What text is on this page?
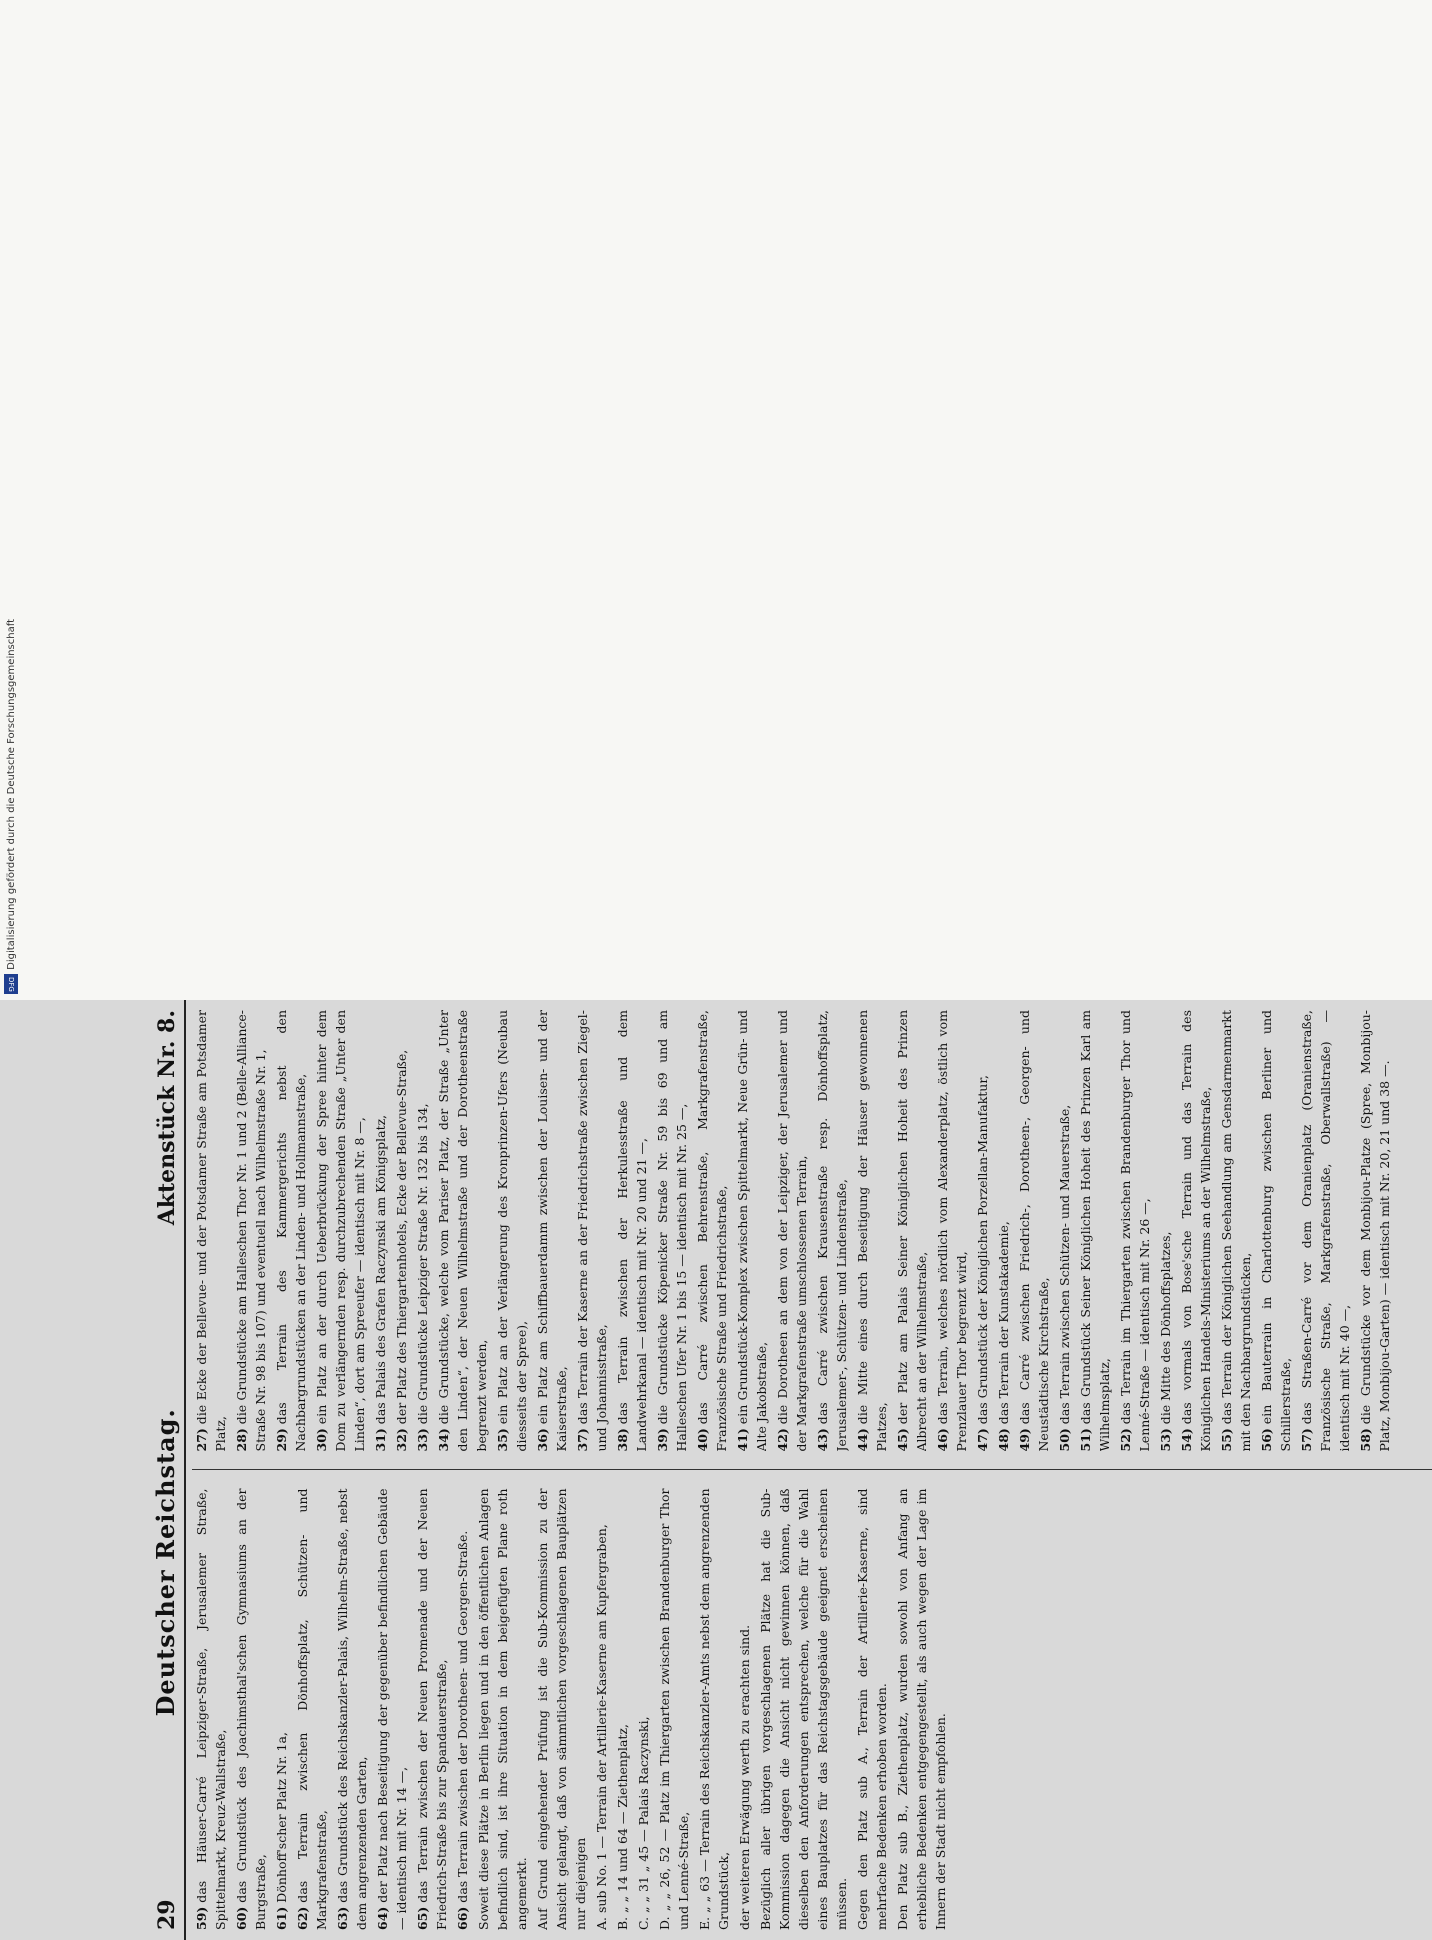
Digitalisierung gefördert durch die Deutsche Forschungsgemeinschaft
DFG
29
Deutscher Reichstag.
Aktenstück Nr. 8.

59)das Häuser-Carré Leipziger-Straße, Jerusalemer Straße, Spittelmarkt, Kreuz-Wallstraße, 60)das Grundstück des Joachimsthal'schen Gymnasiums an der Burgstraße, 61)Dönhoff'scher Platz Nr. 1a,

62)das Terrain zwischen Dönhoffsplatz, Schützen- und Markgrafenstraße, 63)das Grundstück des Reichskanzler-Palais, Wilhelm-Straße, nebst dem angrenzenden Garten, 64)der Platz nach Beseitigung der gegenüber befindlichen Gebäude — identisch mit Nr. 14 —, 65)das Terrain zwischen der Neuen Promenade und der Neuen Friedrich-Straße bis zur Spandauerstraße, 66)das Terrain zwischen der Dorotheen- und Georgen-Straße. Soweit diese Plätze in Berlin liegen und in den öffentlichen Anlagen befindlich sind, ist ihre Situation in dem beigefügten Plane roth angemerkt. Auf Grund eingehender Prüfung ist die Sub-Kommission zu der Ansicht gelangt, daß von sämmtlichen vorgeschlagenen Bauplätzen nur diejenigen A. sub No. 1 — Terrain der Artillerie-Kaserne am Kupfergraben, B. „ „ 14 und 64 — Ziethenplatz, C. „ „ 31 „ 45 — Palais Raczynski, D. „ „ 26, 52 — Platz im Thiergarten zwischen Brandenburger Thor und Lenné-Straße, E. „ „ 63 — Terrain des Reichskanzler-Amts nebst dem angrenzenden Grundstück, der weiteren Erwägung werth zu erachten sind. Bezüglich aller übrigen vorgeschlagenen Plätze hat die Sub-Kommission dagegen die Ansicht nicht gewinnen können, daß dieselben den Anforderungen entsprechen, welche für die Wahl eines Bauplatzes für das Reichstagsgebäude geeignet erscheinen müssen. Gegen den Platz sub A., Terrain der Artillerie-Kaserne, sind mehrfache Bedenken erhoben worden. Den Platz sub B., Ziethenplatz, wurden sowohl von Anfang an erhebliche Bedenken entgegengestellt, als auch wegen der Lage im Innern der Stadt nicht empfohlen.

27)die Ecke der Bellevue- und der Potsdamer Straße am Potsdamer Platz, 28)die Grundstücke am Halleschen Thor Nr. 1 und 2 (Belle-Alliance-Straße Nr. 98 bis 107) und eventuell nach Wilhelmstraße Nr. 1, 29)das Terrain des Kammergerichts nebst den Nachbargrundstücken an der Linden- und Hollmannstraße, 30)ein Platz an der durch Ueberbrückung der Spree hinter dem Dom zu verlängernden resp. durchzubrechenden Straße „Unter den Linden“, dort am Spreeufer — identisch mit Nr. 8 —, 31)das Palais des Grafen Raczynski am Königsplatz,

32)der Platz des Thiergartenhotels, Ecke der Bellevue-Straße,

33)die Grundstücke Leipziger Straße Nr. 132 bis 134,

34)die Grundstücke, welche vom Pariser Platz, der Straße „Unter den Linden“, der Neuen Wilhelmstraße und der Dorotheenstraße begrenzt werden, 35)ein Platz an der Verlängerung des Kronprinzen-Ufers (Neubau diesseits der Spree), 36)ein Platz am Schiffbauerdamm zwischen der Louisen- und der Kaiserstraße, 37)das Terrain der Kaserne an der Friedrichstraße zwischen Ziegel- und Johannisstraße, 38)das Terrain zwischen der Herkulesstraße und dem Landwehrkanal — identisch mit Nr. 20 und 21 —, 39)die Grundstücke Köpenicker Straße Nr. 59 bis 69 und am Halleschen Ufer Nr. 1 bis 15 — identisch mit Nr. 25 —, 40)das Carré zwischen Behrenstraße, Markgrafenstraße, Französische Straße und Friedrichstraße, 41)ein Grundstück-Komplex zwischen Spittelmarkt, Neue Grün- und Alte Jakobstraße, 42)die Dorotheen an dem von der Leipziger, der Jerusalemer und der Markgrafenstraße umschlossenen Terrain, 43)das Carré zwischen Krausenstraße resp. Dönhoffsplatz, Jerusalemer-, Schützen- und Lindenstraße, 44)die Mitte eines durch Beseitigung der Häuser gewonnenen Platzes, 45)der Platz am Palais Seiner Königlichen Hoheit des Prinzen Albrecht an der Wilhelmstraße, 46)das Terrain, welches nördlich vom Alexanderplatz, östlich vom Prenzlauer Thor begrenzt wird, 47)das Grundstück der Königlichen Porzellan-Manufaktur,

48)das Terrain der Kunstakademie,

49)das Carré zwischen Friedrich-, Dorotheen-, Georgen- und Neustädtische Kirchstraße, 50)das Terrain zwischen Schützen- und Mauerstraße,

51)das Grundstück Seiner Königlichen Hoheit des Prinzen Karl am Wilhelmsplatz, 52)das Terrain im Thiergarten zwischen Brandenburger Thor und Lenné-Straße — identisch mit Nr. 26 —, 53)die Mitte des Dönhoffsplatzes,

54)das vormals von Bose'sche Terrain und das Terrain des Königlichen Handels-Ministeriums an der Wilhelmstraße, 55)das Terrain der Königlichen Seehandlung am Gensdarmenmarkt mit den Nachbargrundstücken, 56)ein Bauterrain in Charlottenburg zwischen Berliner und Schillerstraße, 57)das Straßen-Carré vor dem Oranienplatz (Oranienstraße, Französische Straße, Markgrafenstraße, Oberwallstraße) — identisch mit Nr. 40 —, 58)die Grundstücke vor dem Monbijou-Platze (Spree, Monbijou-Platz, Monbijou-Garten) — identisch mit Nr. 20, 21 und 38 —.
